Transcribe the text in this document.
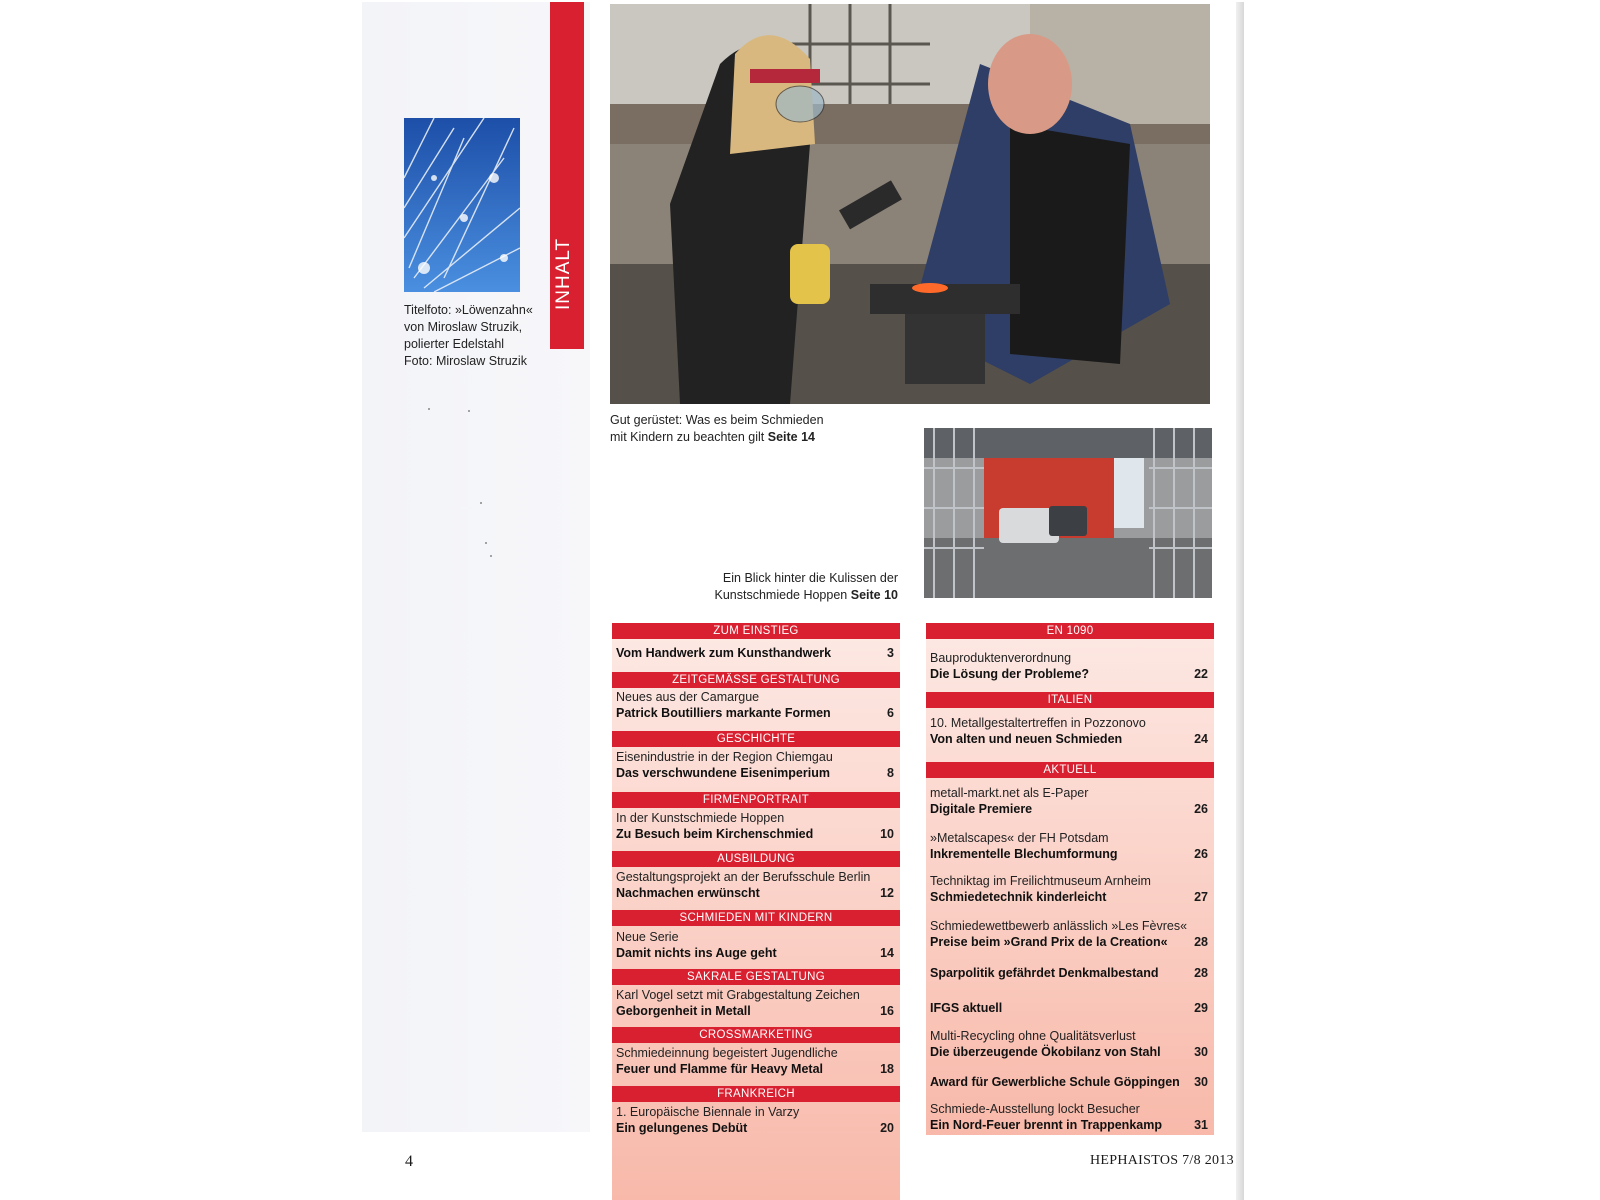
Titelfoto: »Löwenzahn«
von Miroslaw Struzik,
polierter Edelstahl
Foto: Miroslaw Struzik
INHALT
Gut gerüstet: Was es beim Schmieden
mit Kindern zu beachten gilt Seite 14
Ein Blick hinter die Kulissen der
Kunstschmiede Hoppen Seite 10
ZUM EINSTIEG
Vom Handwerk zum Kunsthandwerk	3
ZEITGEMÄSSE GESTALTUNG
Neues aus der Camargue
Patrick Boutilliers markante Formen	6
GESCHICHTE
Eisenindustrie in der Region Chiemgau
Das verschwundene Eisenimperium	8
FIRMENPORTRAIT
In der Kunstschmiede Hoppen
Zu Besuch beim Kirchenschmied	10
AUSBILDUNG
Gestaltungsprojekt an der Berufsschule Berlin
Nachmachen erwünscht	12
SCHMIEDEN MIT KINDERN
Neue Serie
Damit nichts ins Auge geht	14
SAKRALE GESTALTUNG
Karl Vogel setzt mit Grabgestaltung Zeichen
Geborgenheit in Metall	16
CROSSMARKETING
Schmiedeinnung begeistert Jugendliche
Feuer und Flamme für Heavy Metal	18
FRANKREICH
1. Europäische Biennale in Varzy
Ein gelungenes Debüt	20
EN 1090
Bauproduktenverordnung
Die Lösung der Probleme?	22
ITALIEN
10. Metallgestaltertreffen in Pozzonovo
Von alten und neuen Schmieden	24
AKTUELL
metall-markt.net als E-Paper
Digitale Premiere	26
»Metalscapes« der FH Potsdam
Inkrementelle Blechumformung	26
Techniktag im Freilichtmuseum Arnheim
Schmiedetechnik kinderleicht	27
Schmiedewettbewerb anlässlich »Les Fèvres«
Preise beim »Grand Prix de la Creation«	28
Sparpolitik gefährdet Denkmalbestand	28
IFGS aktuell	29
Multi-Recycling ohne Qualitätsverlust
Die überzeugende Ökobilanz von Stahl	30
Award für Gewerbliche Schule Göppingen	30
Schmiede-Ausstellung lockt Besucher
Ein Nord-Feuer brennt in Trappenkamp	31
4	HEPHAISTOS 7/8 2013
